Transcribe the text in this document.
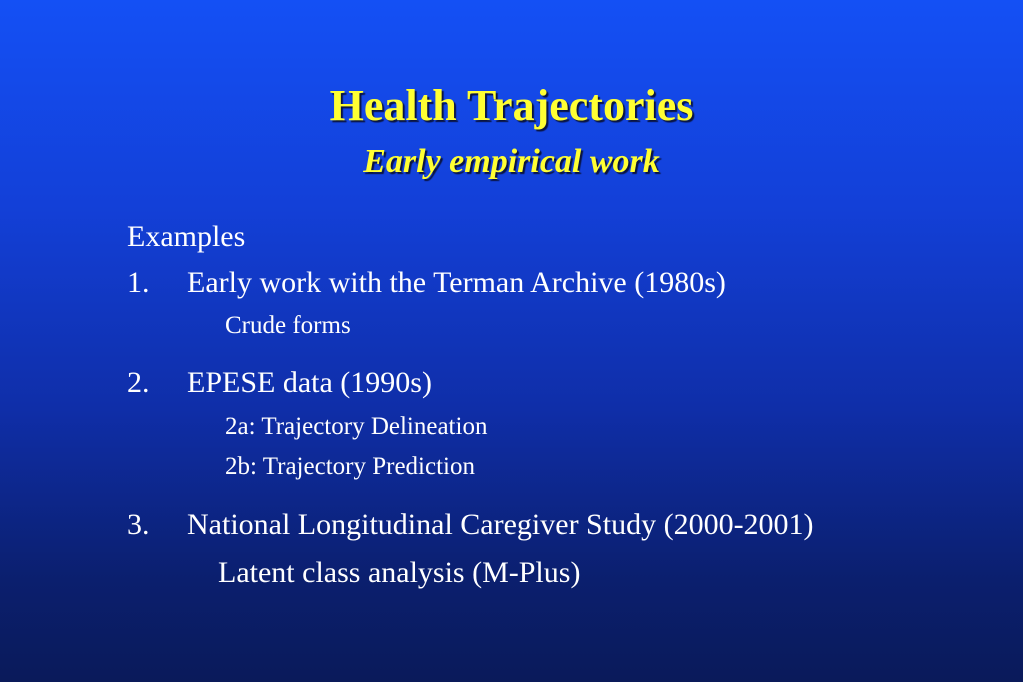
Health Trajectories
Early empirical work
Examples
1. Early work with the Terman Archive (1980s)
Crude forms
2. EPESE data (1990s)
2a: Trajectory Delineation
2b: Trajectory Prediction
3. National Longitudinal Caregiver Study (2000-2001)
Latent class analysis (M-Plus)
